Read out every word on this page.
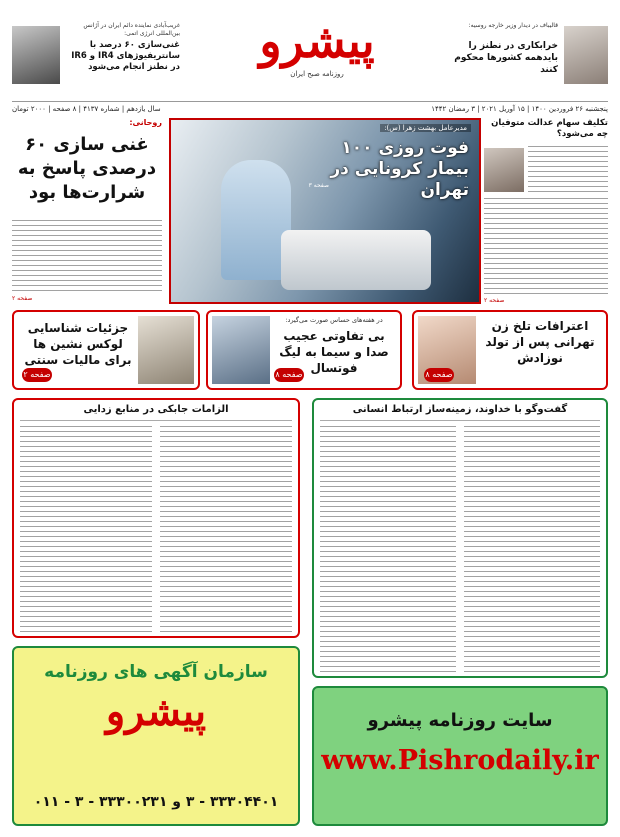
قالیباف در دیدار وزیر خارجه روسیه:
خرابکاری در نطنز را بایدهمه کشورها محکوم کنند
پیشرو
روزنامه صبح ایران
غریب‌آبادی نماینده دائم ایران در آژانس بین‌المللی انرژی اتمی:
غنی‌سازی ۶۰ درصد با سانتریفیوژهای IR4 و IR6 در نطنز انجام می‌شود
پنجشنبه ۲۶ فروردین ۱۴۰۰ | ۱۵ آوریل ۲۰۲۱ | ۳ رمضان ۱۴۴۲
سال یازدهم | شماره ۴۱۳۷ | ۸ صفحه | ۲۰۰۰ تومان
تکلیف سهام عدالت متوفیان چه می‌شود؟
صفحه ۲
مدیرعامل بهشت زهرا (س):
فوت روزی ۱۰۰ بیمار کرونایی در تهران
صفحه ۳
روحانی:
غنی سازی ۶۰ درصدی پاسخ به شرارت‌ها بود
صفحه ۲
اعترافات تلخ زن تهرانی پس از تولد نوزادش
صفحه ۸
در هفته‌های حساس صورت می‌گیرد:
بی تفاوتی عجیب صدا و سیما به لیگ فوتسال
صفحه ۸
جزئیات شناسایی لوکس نشین ها برای مالیات سنتی
صفحه ۲
گفت‌وگو با خداوند، زمینه‌ساز ارتباط انسانی
الزامات جابکی در منابع زدایی
سازمان آگهی های روزنامه
پیشرو
۳۳۳۰۴۴۰۱ - ۳ و ۳۳۳۰۰۲۳۱ - ۳ - ۰۱۱
سایت روزنامه پیشرو
www.Pishrodaily.ir
